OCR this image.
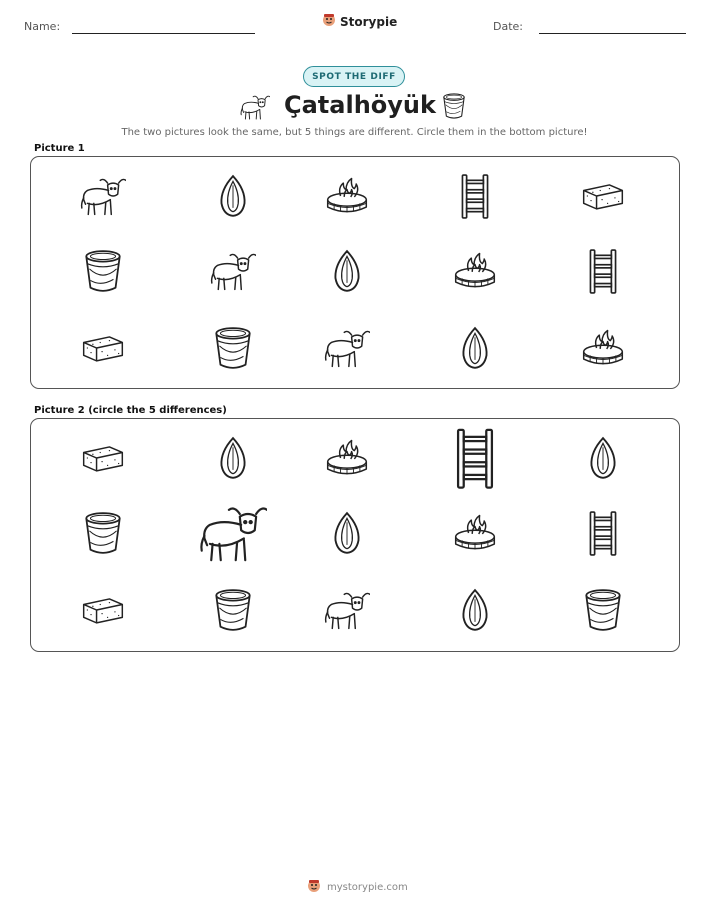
Name:	Storypie	Date:
SPOT THE DIFF
Çatalhöyük
The two pictures look the same, but 5 things are different. Circle them in the bottom picture!
Picture 1
Picture 2 (circle the 5 differences)
mystorypie.com
